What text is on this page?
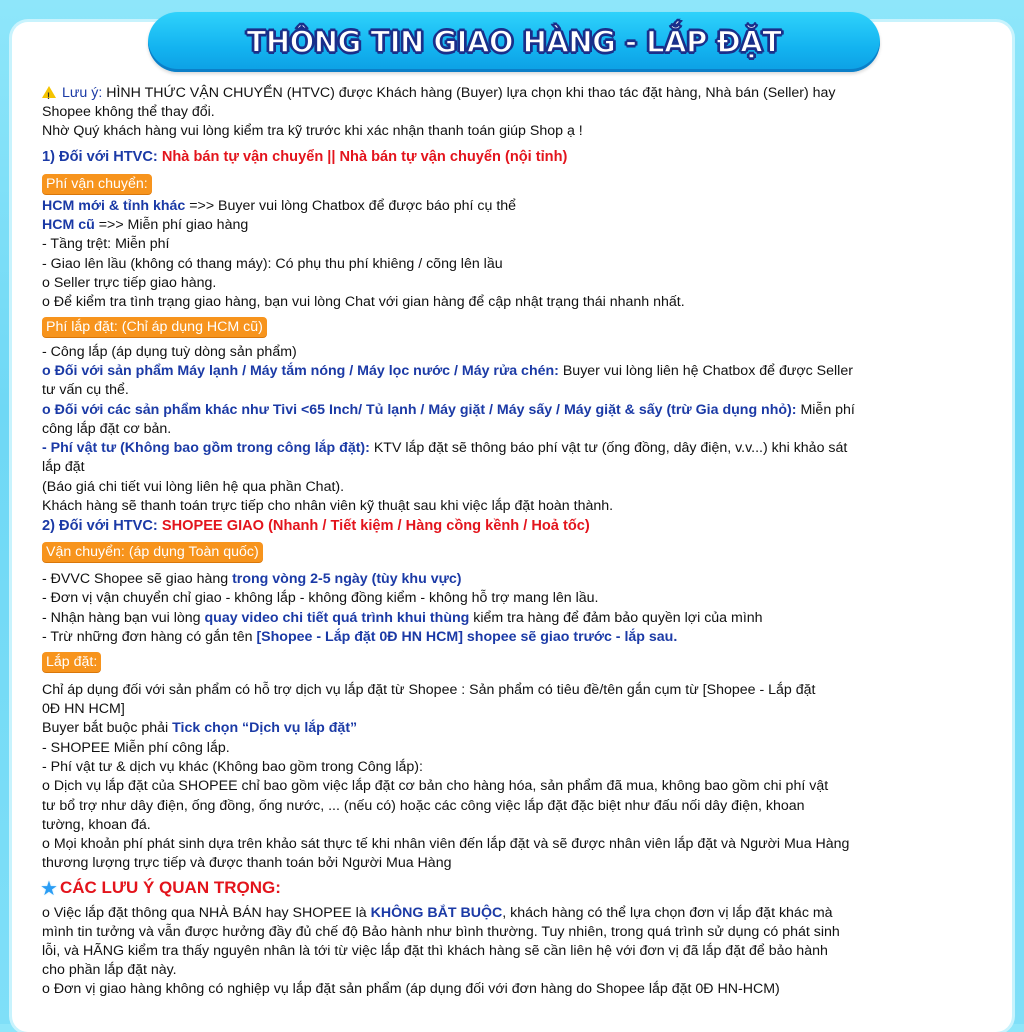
THÔNG TIN GIAO HÀNG - LẮP ĐẶT
!Lưu ý: HÌNH THỨC VẬN CHUYỂN (HTVC) được Khách hàng (Buyer) lựa chọn khi thao tác đặt hàng, Nhà bán (Seller) hay
Shopee không thể thay đổi.
Nhờ Quý khách hàng vui lòng kiểm tra kỹ trước khi xác nhận thanh toán giúp Shop ạ !
1) Đối với HTVC: Nhà bán tự vận chuyển || Nhà bán tự vận chuyển (nội tỉnh)
Phí vận chuyển:
HCM mới & tỉnh khác =>> Buyer vui lòng Chatbox để được báo phí cụ thể
HCM cũ =>> Miễn phí giao hàng
- Tầng trệt: Miễn phí
- Giao lên lầu (không có thang máy): Có phụ thu phí khiêng / cõng lên lầu
o Seller trực tiếp giao hàng.
o Để kiểm tra tình trạng giao hàng, bạn vui lòng Chat với gian hàng để cập nhật trạng thái nhanh nhất.
Phí lắp đặt: (Chỉ áp dụng HCM cũ)
- Công lắp (áp dụng tuỳ dòng sản phẩm)
o Đối với sản phẩm Máy lạnh / Máy tắm nóng / Máy lọc nước / Máy rửa chén: Buyer vui lòng liên hệ Chatbox để được Seller
tư vấn cụ thể.
o Đối với các sản phẩm khác như Tivi <65 Inch/ Tủ lạnh / Máy giặt / Máy sấy / Máy giặt & sấy (trừ Gia dụng nhỏ): Miễn phí
công lắp đặt cơ bản.
- Phí vật tư (Không bao gồm trong công lắp đặt): KTV lắp đặt sẽ thông báo phí vật tư (ống đồng, dây điện, v.v...) khi khảo sát
lắp đặt
(Báo giá chi tiết vui lòng liên hệ qua phần Chat).
Khách hàng sẽ thanh toán trực tiếp cho nhân viên kỹ thuật sau khi việc lắp đặt hoàn thành.
2) Đối với HTVC: SHOPEE GIAO (Nhanh / Tiết kiệm / Hàng cồng kềnh / Hoả tốc)
Vận chuyển: (áp dụng Toàn quốc)
- ĐVVC Shopee sẽ giao hàng trong vòng 2-5 ngày (tùy khu vực)
- Đơn vị vận chuyển chỉ giao - không lắp - không đồng kiểm - không hỗ trợ mang lên lầu.
- Nhận hàng bạn vui lòng quay video chi tiết quá trình khui thùng kiểm tra hàng để đảm bảo quyền lợi của mình
- Trừ những đơn hàng có gắn tên [Shopee - Lắp đặt 0Đ HN HCM] shopee sẽ giao trước - lắp sau.
Lắp đặt:
Chỉ áp dụng đối với sản phẩm có hỗ trợ dịch vụ lắp đặt từ Shopee : Sản phẩm có tiêu đề/tên gắn cụm từ [Shopee - Lắp đặt
0Đ HN HCM]
Buyer bắt buộc phải Tick chọn “Dịch vụ lắp đặt”
- SHOPEE Miễn phí công lắp.
- Phí vật tư & dịch vụ khác (Không bao gồm trong Công lắp):
o Dịch vụ lắp đặt của SHOPEE chỉ bao gồm việc lắp đặt cơ bản cho hàng hóa, sản phẩm đã mua, không bao gồm chi phí vật
tư bổ trợ như dây điện, ống đồng, ống nước, ... (nếu có) hoặc các công việc lắp đặt đặc biệt như đấu nối dây điện, khoan
tường, khoan đá.
o Mọi khoản phí phát sinh dựa trên khảo sát thực tế khi nhân viên đến lắp đặt và sẽ được nhân viên lắp đặt và Người Mua Hàng
thương lượng trực tiếp và được thanh toán bởi Người Mua Hàng
★ CÁC LƯU Ý QUAN TRỌNG:
o Việc lắp đặt thông qua NHÀ BÁN hay SHOPEE là KHÔNG BẮT BUỘC, khách hàng có thể lựa chọn đơn vị lắp đặt khác mà
mình tin tưởng và vẫn được hưởng đầy đủ chế độ Bảo hành như bình thường. Tuy nhiên, trong quá trình sử dụng có phát sinh
lỗi, và HÃNG kiểm tra thấy nguyên nhân là tới từ việc lắp đặt thì khách hàng sẽ cần liên hệ với đơn vị đã lắp đặt để bảo hành
cho phần lắp đặt này.
o Đơn vị giao hàng không có nghiệp vụ lắp đặt sản phẩm (áp dụng đối với đơn hàng do Shopee lắp đặt 0Đ HN-HCM)
